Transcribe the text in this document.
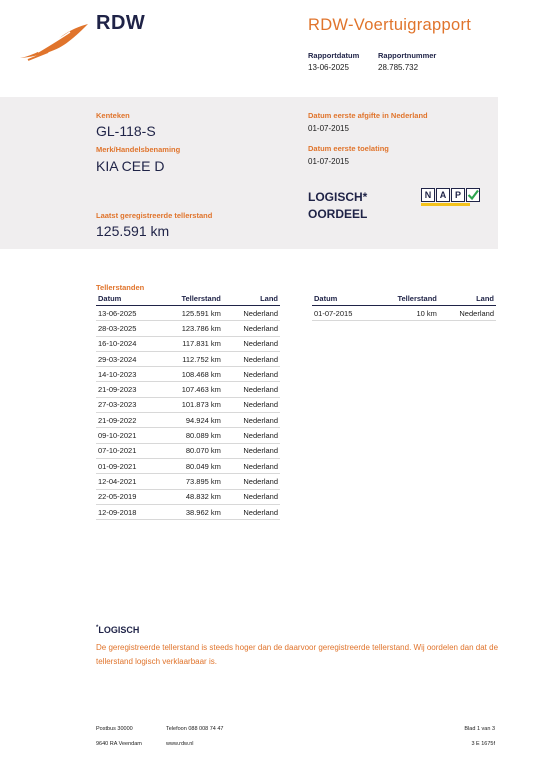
RDW	RDW-Voertuigrapport
Rapportdatum
13-06-2025
Rapportnummer
28.785.732
Kenteken
GL-118-S
Merk/Handelsbenaming
KIA CEE D
Laatst geregistreerde tellerstand
125.591 km
Datum eerste afgifte in Nederland
01-07-2015
Datum eerste toelating
01-07-2015
LOGISCH*
OORDEEL
N A P
Tellerstanden
Datum	Tellerstand	Land
13-06-2025	125.591 km	Nederland
28-03-2025	123.786 km	Nederland
16-10-2024	117.831 km	Nederland
29-03-2024	112.752 km	Nederland
14-10-2023	108.468 km	Nederland
21-09-2023	107.463 km	Nederland
27-03-2023	101.873 km	Nederland
21-09-2022	94.924 km	Nederland
09-10-2021	80.089 km	Nederland
07-10-2021	80.070 km	Nederland
01-09-2021	80.049 km	Nederland
12-04-2021	73.895 km	Nederland
22-05-2019	48.832 km	Nederland
12-09-2018	38.962 km	Nederland
Datum	Tellerstand	Land
01-07-2015	10 km	Nederland
*LOGISCH
De geregistreerde tellerstand is steeds hoger dan de daarvoor geregistreerde tellerstand. Wij oordelen dan dat de tellerstand logisch verklaarbaar is.
Postbus 30000	Telefoon 088 008 74 47
9640 RA Veendam	www.rdw.nl
Blad 1 van 3
3 E 1675f
